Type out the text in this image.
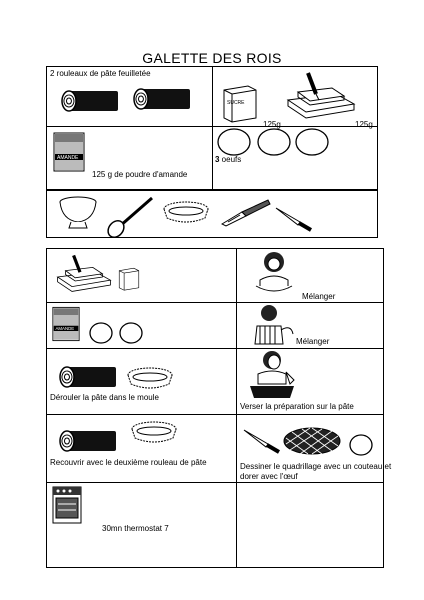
GALETTE DES ROIS
2 rouleaux de pâte feuilletée
SUCRE
125g	125g
AMANDE
125 g de poudre d'amande
3 oeufs
Mélanger
AMANDE
Mélanger
Dérouler la pâte dans le moule
Verser la préparation sur la pâte
Recouvrir avec le deuxième rouleau de pâte	Dessiner le quadrillage avec un couteau et
dorer avec l'œuf
30mn thermostat 7
